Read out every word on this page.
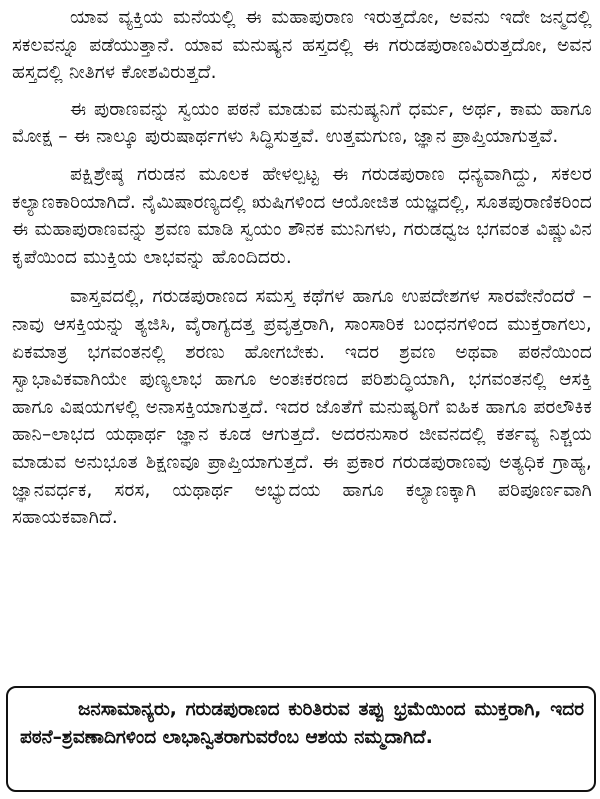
ಯಾವ ವ್ಯಕ್ತಿಯ ಮನೆಯಲ್ಲಿ ಈ ಮಹಾಪುರಾಣ ಇರುತ್ತದೋ, ಅವನು ಇದೇ ಜನ್ಮದಲ್ಲಿ ಸಕಲವನ್ನೂ ಪಡೆಯುತ್ತಾನೆ. ಯಾವ ಮನುಷ್ಯನ ಹಸ್ತದಲ್ಲಿ ಈ ಗರುಡಪುರಾಣವಿರುತ್ತದೋ, ಅವನ ಹಸ್ತದಲ್ಲಿ ನೀತಿಗಳ ಕೋಶವಿರುತ್ತದೆ.

ಈ ಪುರಾಣವನ್ನು ಸ್ವಯಂ ಪಠನೆ ಮಾಡುವ ಮನುಷ್ಯನಿಗೆ ಧರ್ಮ, ಅರ್ಥ, ಕಾಮ ಹಾಗೂ ಮೋಕ್ಷ – ಈ ನಾಲ್ಕೂ ಪುರುಷಾರ್ಥಗಳು ಸಿದ್ಧಿಸುತ್ತವೆ. ಉತ್ತಮಗುಣ, ಜ್ಞಾನ ಪ್ರಾಪ್ತಿಯಾಗುತ್ತವೆ.

ಪಕ್ಷಿಶ್ರೇಷ್ಠ ಗರುಡನ ಮೂಲಕ ಹೇಳಲ್ಪಟ್ಟ ಈ ಗರುಡಪುರಾಣ ಧನ್ಯವಾಗಿದ್ದು, ಸಕಲರ ಕಲ್ಯಾಣಕಾರಿಯಾಗಿದೆ. ನೈಮಿಷಾರಣ್ಯದಲ್ಲಿ ಋಷಿಗಳಿಂದ ಆಯೋಜಿತ ಯಜ್ಞದಲ್ಲಿ, ಸೂತಪುರಾಣಿಕರಿಂದ ಈ ಮಹಾಪುರಾಣವನ್ನು ಶ್ರವಣ ಮಾಡಿ ಸ್ವಯಂ ಶೌನಕ ಮುನಿಗಳು, ಗರುಡಧ್ವಜ ಭಗವಂತ ವಿಷ್ಣುವಿನ ಕೃಪೆಯಿಂದ ಮುಕ್ತಿಯ ಲಾಭವನ್ನು ಹೊಂದಿದರು.

ವಾಸ್ತವದಲ್ಲಿ, ಗರುಡಪುರಾಣದ ಸಮಸ್ತ ಕಥೆಗಳ ಹಾಗೂ ಉಪದೇಶಗಳ ಸಾರವೇನೆಂದರೆ – ನಾವು ಆಸಕ್ತಿಯನ್ನು ತ್ಯಜಿಸಿ, ವೈರಾಗ್ಯದತ್ತ ಪ್ರವೃತ್ತರಾಗಿ, ಸಾಂಸಾರಿಕ ಬಂಧನಗಳಿಂದ ಮುಕ್ತರಾಗಲು, ಏಕಮಾತ್ರ ಭಗವಂತನಲ್ಲಿ ಶರಣು ಹೋಗಬೇಕು. ಇದರ ಶ್ರವಣ ಅಥವಾ ಪಠನೆಯಿಂದ ಸ್ವಾಭಾವಿಕವಾಗಿಯೇ ಪುಣ್ಯಲಾಭ ಹಾಗೂ ಅಂತಃಕರಣದ ಪರಿಶುದ್ಧಿಯಾಗಿ, ಭಗವಂತನಲ್ಲಿ ಆಸಕ್ತಿ ಹಾಗೂ ವಿಷಯಗಳಲ್ಲಿ ಅನಾಸಕ್ತಿಯಾಗುತ್ತದೆ. ಇದರ ಜೊತೆಗೆ ಮನುಷ್ಯರಿಗೆ ಐಹಿಕ ಹಾಗೂ ಪರಲೌಕಿಕ ಹಾನಿ–ಲಾಭದ ಯಥಾರ್ಥ ಜ್ಞಾನ ಕೂಡ ಆಗುತ್ತದೆ. ಅದರನುಸಾರ ಜೀವನದಲ್ಲಿ ಕರ್ತವ್ಯ ನಿಶ್ಚಯ ಮಾಡುವ ಅನುಭೂತ ಶಿಕ್ಷಣವೂ ಪ್ರಾಪ್ತಿಯಾಗುತ್ತದೆ. ಈ ಪ್ರಕಾರ ಗರುಡಪುರಾಣವು ಅತ್ಯಧಿಕ ಗ್ರಾಹ್ಯ, ಜ್ಞಾನವರ್ಧಕ, ಸರಸ, ಯಥಾರ್ಥ ಅಭ್ಯುದಯ ಹಾಗೂ ಕಲ್ಯಾಣಕ್ಕಾಗಿ ಪರಿಪೂರ್ಣವಾಗಿ ಸಹಾಯಕವಾಗಿದೆ.

ಜನಸಾಮಾನ್ಯರು, ಗರುಡಪುರಾಣದ ಕುರಿತಿರುವ ತಪ್ಪು ಭ್ರಮೆಯಿಂದ ಮುಕ್ತರಾಗಿ, ಇದರ ಪಠನೆ–ಶ್ರವಣಾದಿಗಳಿಂದ ಲಾಭಾನ್ವಿತರಾಗುವರೆಂಬ ಆಶಯ ನಮ್ಮದಾಗಿದೆ.
